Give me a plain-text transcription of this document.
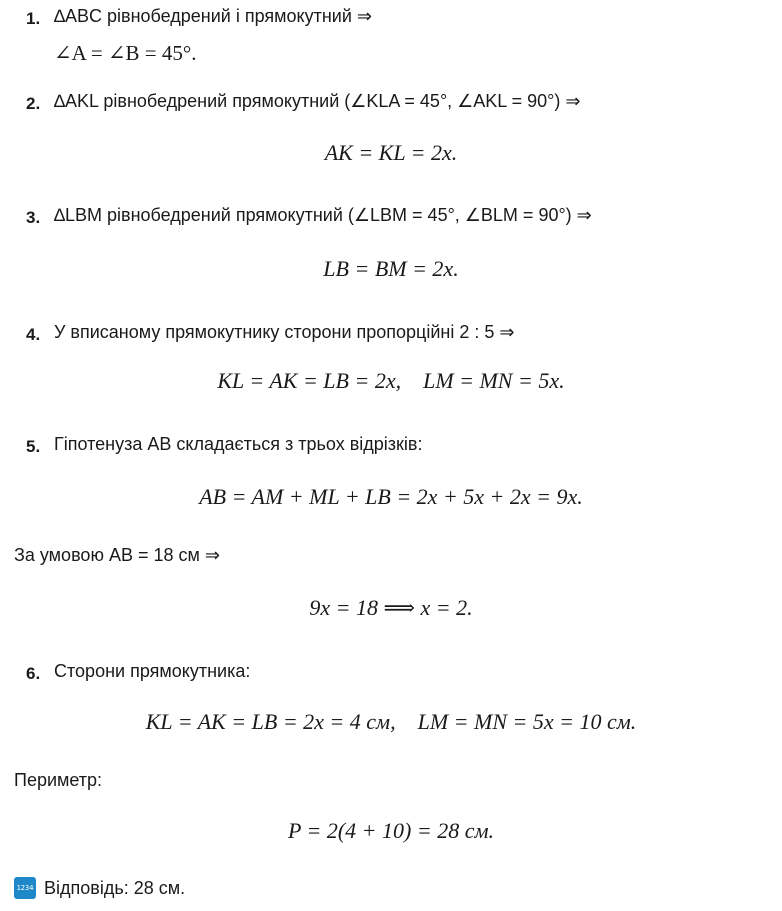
1. ∆ABC рівнобедрений і прямокутний ⇒
∠A = ∠B = 45°.
2. ∆AKL рівнобедрений прямокутний (∠KLA = 45°, ∠AKL = 90°) ⇒
AK = KL = 2x.
3. ∆LBM рівнобедрений прямокутний (∠LBM = 45°, ∠BLM = 90°) ⇒
LB = BM = 2x.
4. У вписаному прямокутнику сторони пропорційні 2 : 5 ⇒
KL = AK = LB = 2x,    LM = MN = 5x.
5. Гіпотенуза AB складається з трьох відрізків:
AB = AM + ML + LB = 2x + 5x + 2x = 9x.
За умовою AB = 18 см ⇒
9x = 18 ⟹ x = 2.
6. Сторони прямокутника:
KL = AK = LB = 2x = 4 см,    LM = MN = 5x = 10 см.
Периметр:
P = 2(4 + 10) = 28 см.
1234 Відповідь: 28 см.
